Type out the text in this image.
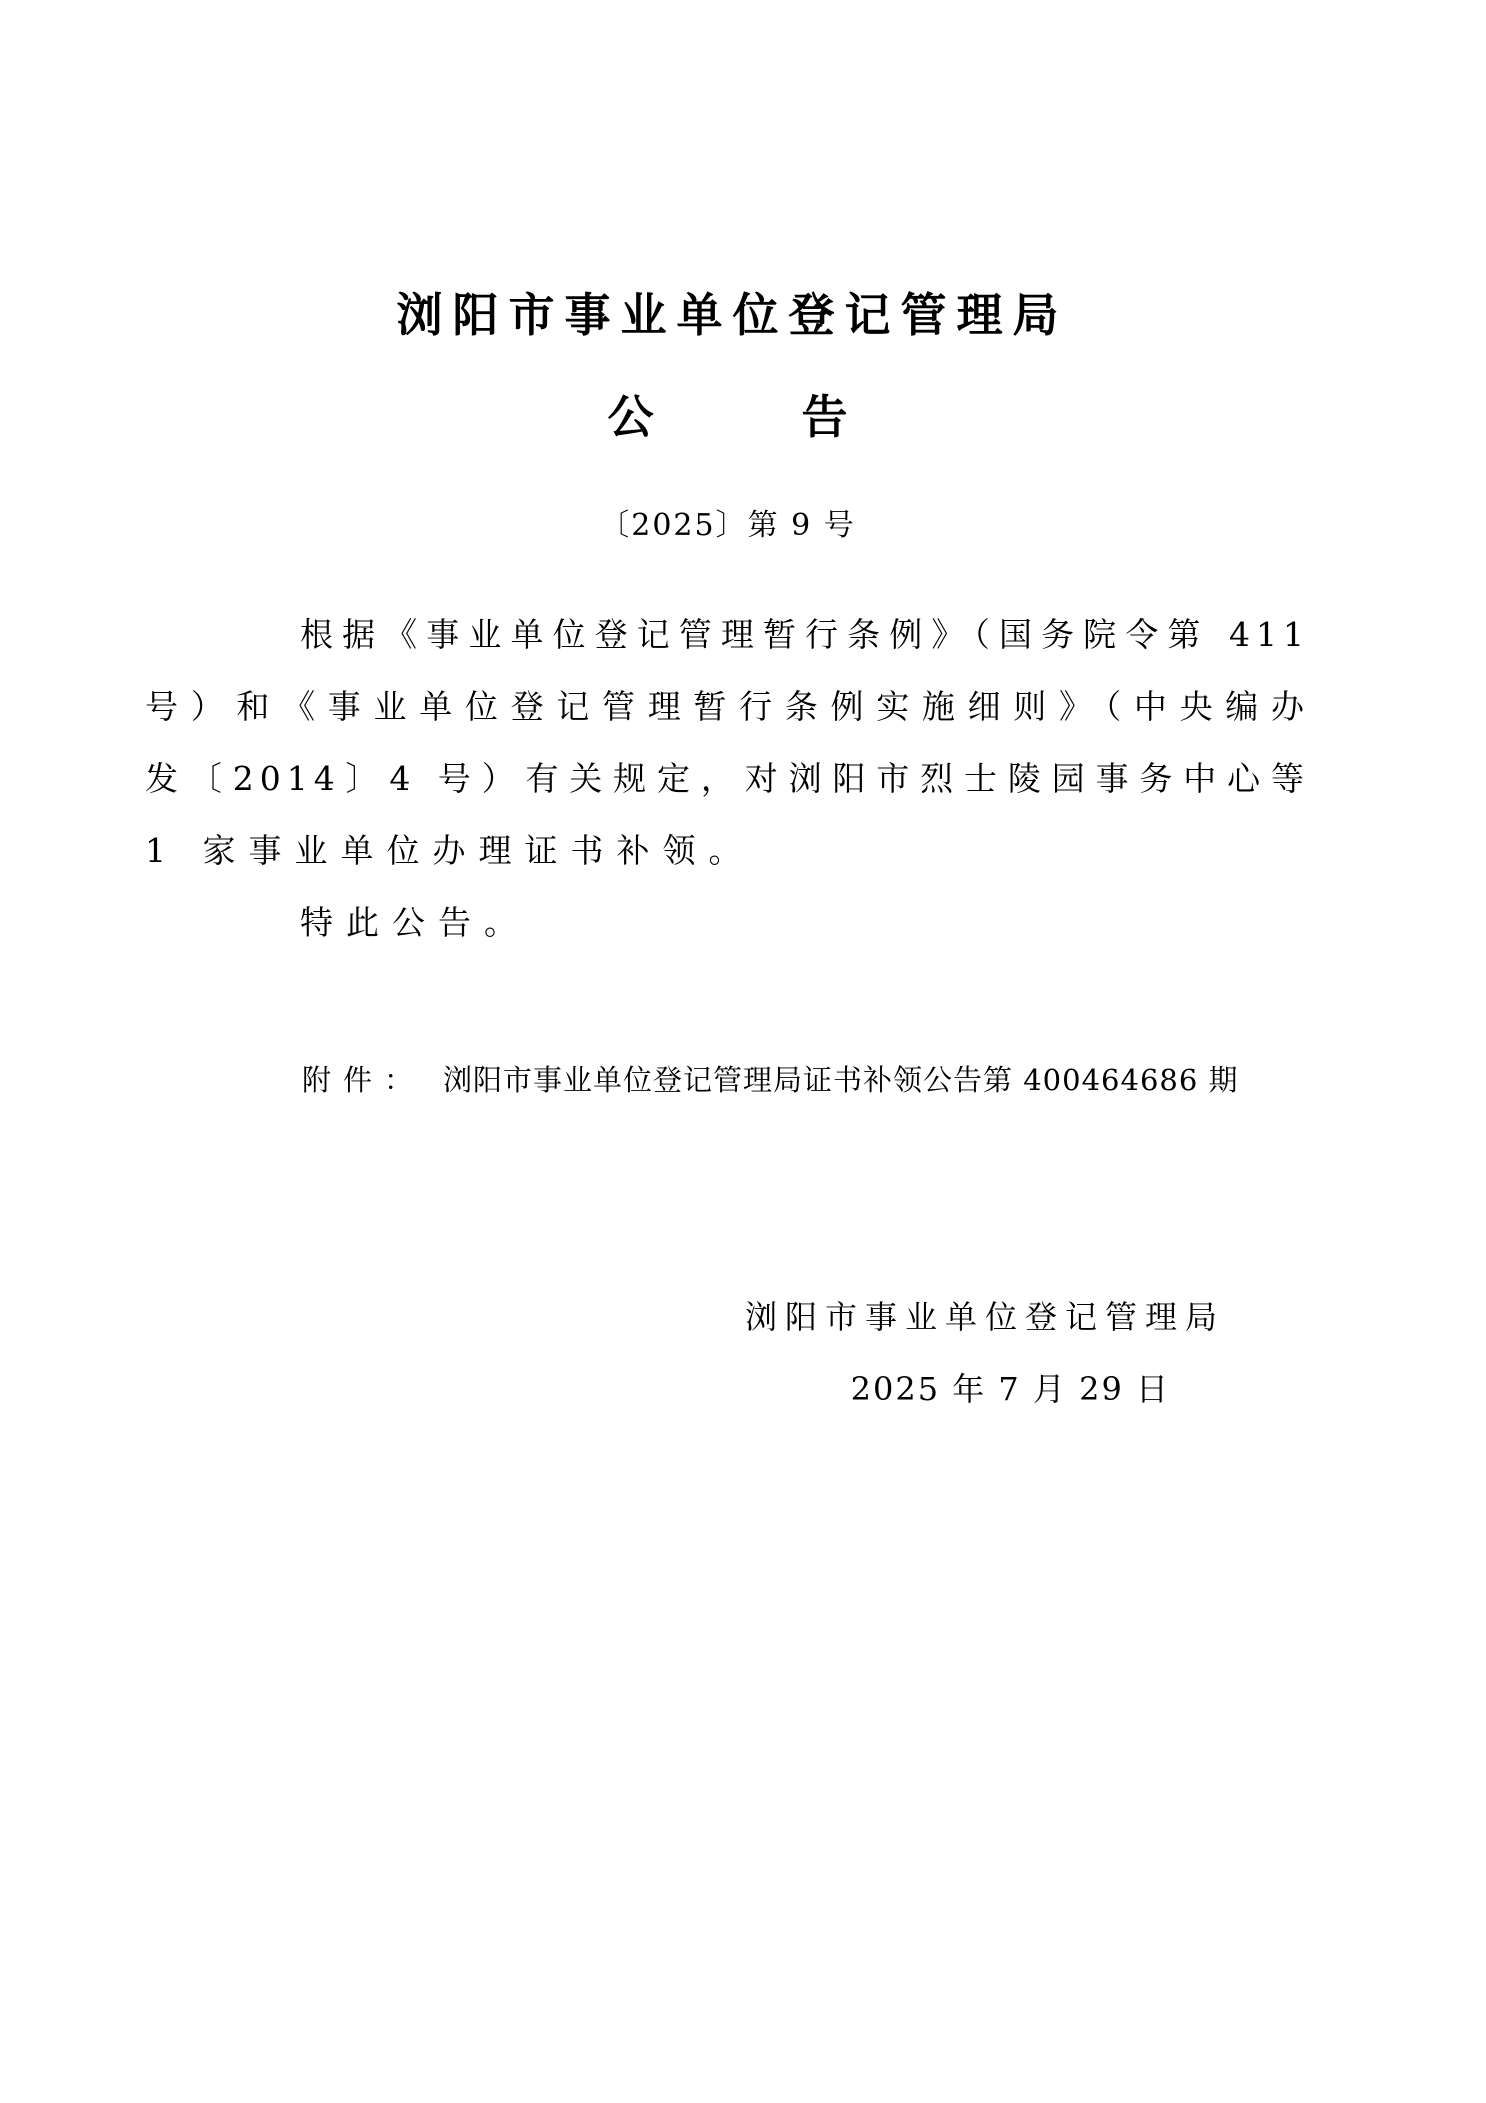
浏阳市事业单位登记管理局
公	告
〔2025〕第 9 号
根据《事业单位登记管理暂行条例》（国务院令第 411
号）和《事业单位登记管理暂行条例实施细则》（中央编办
发〔2014〕4 号）有关规定，对浏阳市烈士陵园事务中心等
1 家事业单位办理证书补领。
特此公告。
附件： 浏阳市事业单位登记管理局证书补领公告第 400464686 期
浏阳市事业单位登记管理局
2025 年 7 月 29 日
